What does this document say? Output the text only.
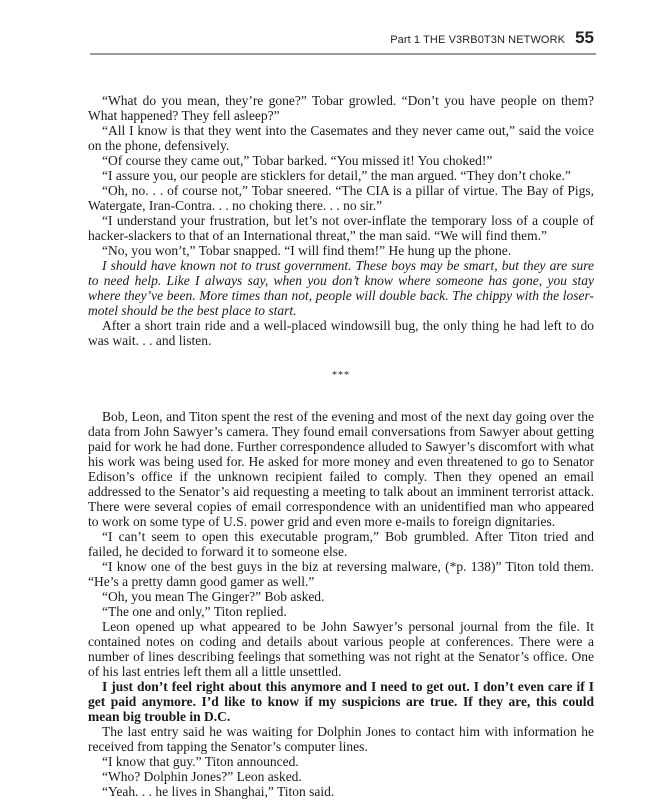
Part 1 THE V3RB0T3N NETWORK 55

“What do you mean, they’re gone?” Tobar growled. “Don’t you have people on them? What happened? They fell asleep?”

“All I know is that they went into the Casemates and they never came out,” said the voice on the phone, defensively.

“Of course they came out,” Tobar barked. “You missed it! You choked!”

“I assure you, our people are sticklers for detail,” the man argued. “They don’t choke.”

“Oh, no. . . of course not,” Tobar sneered. “The CIA is a pillar of virtue. The Bay of Pigs, Watergate, Iran-Contra. . . no choking there. . . no sir.”

“I understand your frustration, but let’s not over-inflate the temporary loss of a couple of hacker-slackers to that of an International threat,” the man said. “We will find them.”

“No, you won’t,” Tobar snapped. “I will find them!” He hung up the phone.

I should have known not to trust government. These boys may be smart, but they are sure to need help. Like I always say, when you don’t know where someone has gone, you stay where they’ve been. More times than not, people will double back. The chippy with the loser-motel should be the best place to start.

After a short train ride and a well-placed windowsill bug, the only thing he had left to do was wait. . . and listen.

***

Bob, Leon, and Titon spent the rest of the evening and most of the next day going over the data from John Sawyer’s camera. They found email conversations from Sawyer about getting paid for work he had done. Further correspondence alluded to Sawyer’s discomfort with what his work was being used for. He asked for more money and even threatened to go to Senator Edison’s office if the unknown recipient failed to comply. Then they opened an email addressed to the Senator’s aid requesting a meeting to talk about an imminent terrorist attack. There were several copies of email correspondence with an unidentified man who appeared to work on some type of U.S. power grid and even more e-mails to foreign dignitaries.

“I can’t seem to open this executable program,” Bob grumbled. After Titon tried and failed, he decided to forward it to someone else.

“I know one of the best guys in the biz at reversing malware, (*p. 138)” Titon told them. “He’s a pretty damn good gamer as well.”

“Oh, you mean The Ginger?” Bob asked.

“The one and only,” Titon replied.

Leon opened up what appeared to be John Sawyer’s personal journal from the file. It contained notes on coding and details about various people at conferences. There were a number of lines describing feelings that something was not right at the Senator’s office. One of his last entries left them all a little unsettled.

I just don’t feel right about this anymore and I need to get out. I don’t even care if I get paid anymore. I’d like to know if my suspicions are true. If they are, this could mean big trouble in D.C.

The last entry said he was waiting for Dolphin Jones to contact him with information he received from tapping the Senator’s computer lines.

“I know that guy.” Titon announced.

“Who? Dolphin Jones?” Leon asked.

“Yeah. . . he lives in Shanghai,” Titon said.
